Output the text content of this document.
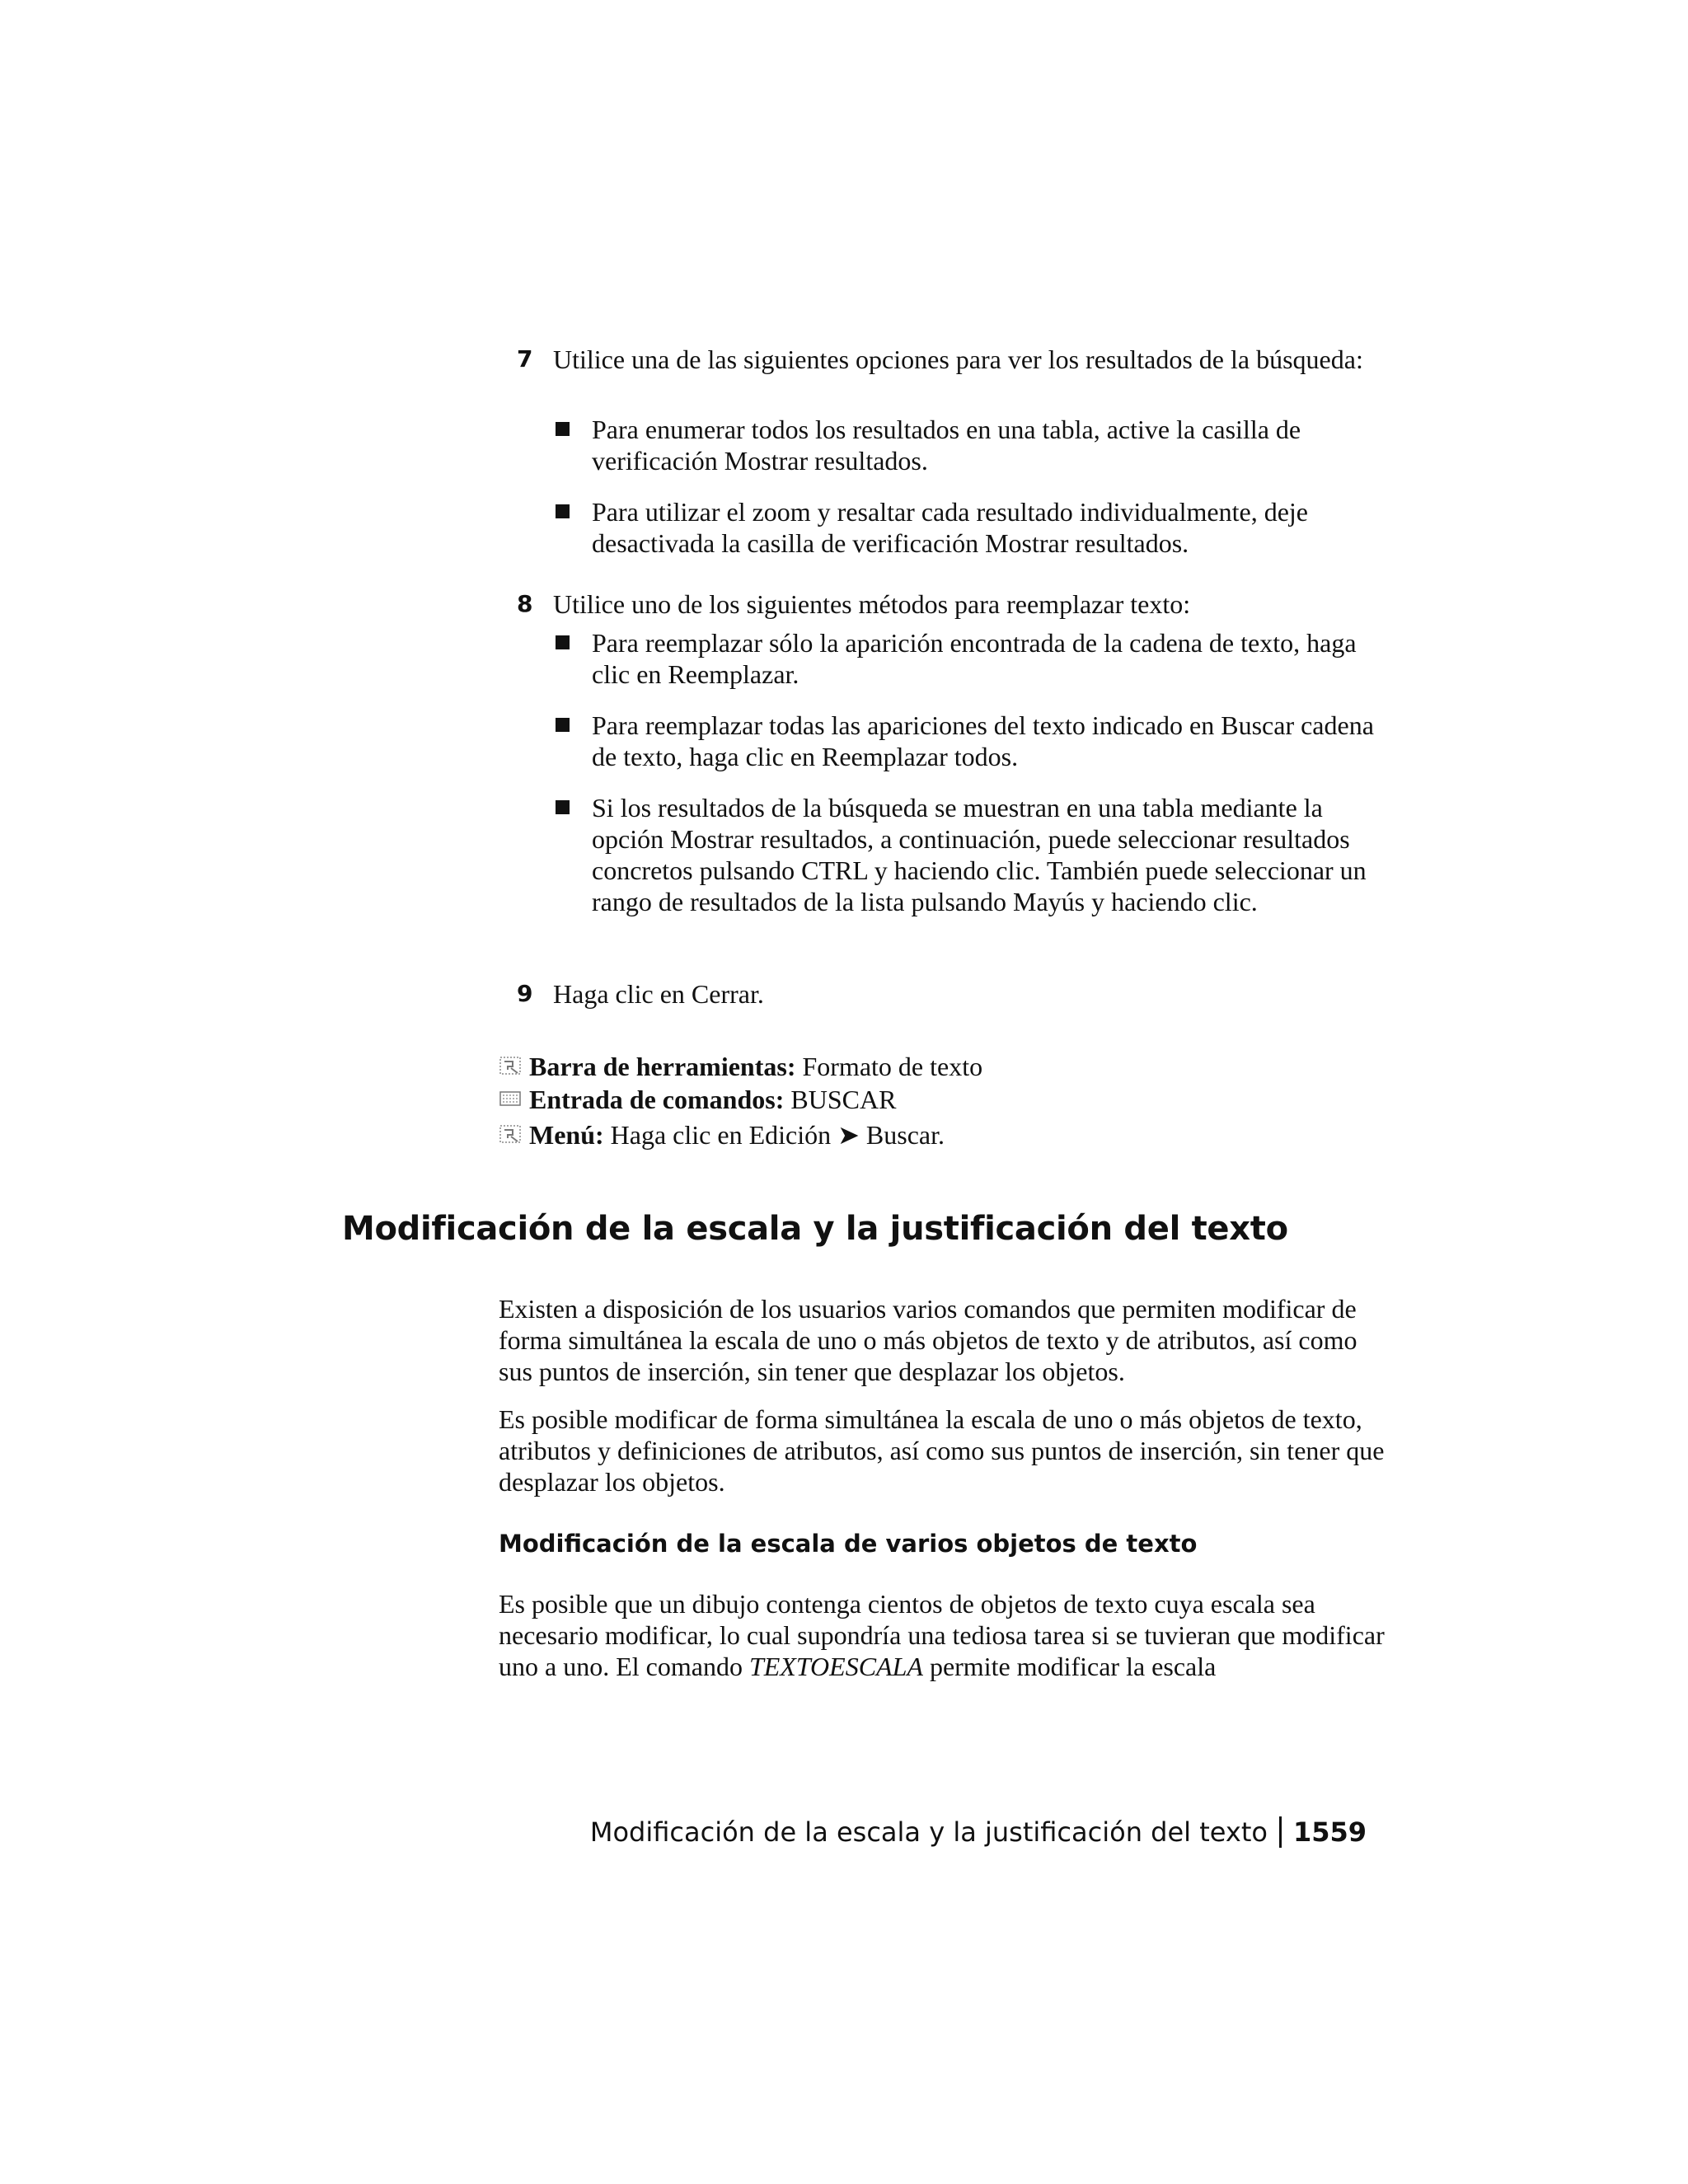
7 Utilice una de las siguientes opciones para ver los resultados de la búsqueda:
Para enumerar todos los resultados en una tabla, active la casilla de verificación Mostrar resultados.
Para utilizar el zoom y resaltar cada resultado individualmente, deje desactivada la casilla de verificación Mostrar resultados.
8 Utilice uno de los siguientes métodos para reemplazar texto:
Para reemplazar sólo la aparición encontrada de la cadena de texto, haga clic en Reemplazar.
Para reemplazar todas las apariciones del texto indicado en Buscar cadena de texto, haga clic en Reemplazar todos.
Si los resultados de la búsqueda se muestran en una tabla mediante la opción Mostrar resultados, a continuación, puede seleccionar resultados concretos pulsando CTRL y haciendo clic. También puede seleccionar un rango de resultados de la lista pulsando Mayús y haciendo clic.
9 Haga clic en Cerrar.
Barra de herramientas: Formato de texto
Entrada de comandos: BUSCAR
Menú: Haga clic en Edición ➤ Buscar.
Modificación de la escala y la justificación del texto
Existen a disposición de los usuarios varios comandos que permiten modificar de forma simultánea la escala de uno o más objetos de texto y de atributos, así como sus puntos de inserción, sin tener que desplazar los objetos.
Es posible modificar de forma simultánea la escala de uno o más objetos de texto, atributos y definiciones de atributos, así como sus puntos de inserción, sin tener que desplazar los objetos.
Modificación de la escala de varios objetos de texto
Es posible que un dibujo contenga cientos de objetos de texto cuya escala sea necesario modificar, lo cual supondría una tediosa tarea si se tuvieran que modificar uno a uno. El comando TEXTOESCALA permite modificar la escala
Modificación de la escala y la justificación del texto 1559
